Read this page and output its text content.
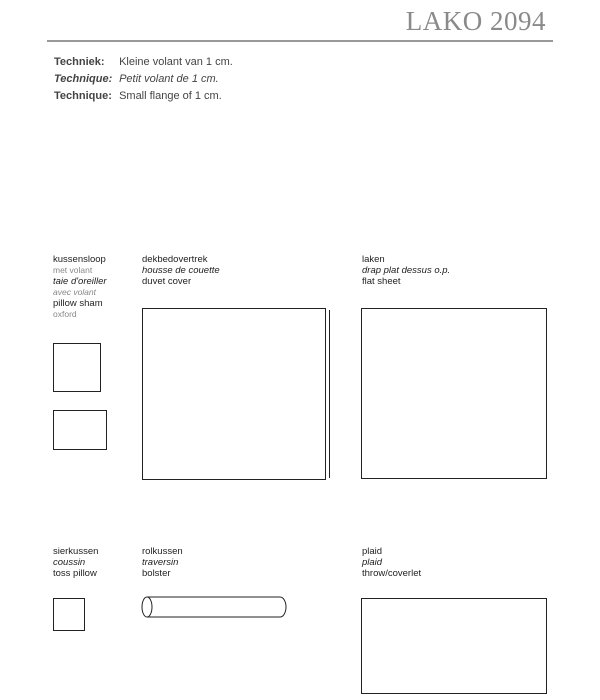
LAKO 2094
Techniek: Kleine volant van 1 cm.
Technique: Petit volant de 1 cm.
Technique: Small flange of 1 cm.
kussensloop
met volant
taie d'oreiller
avec volant
pillow sham
oxford
dekbedovertrek
housse de couette
duvet cover
laken
drap plat dessus o.p.
flat sheet
sierkussen
coussin
toss pillow
rolkussen
traversin
bolster
plaid
plaid
throw/coverlet
